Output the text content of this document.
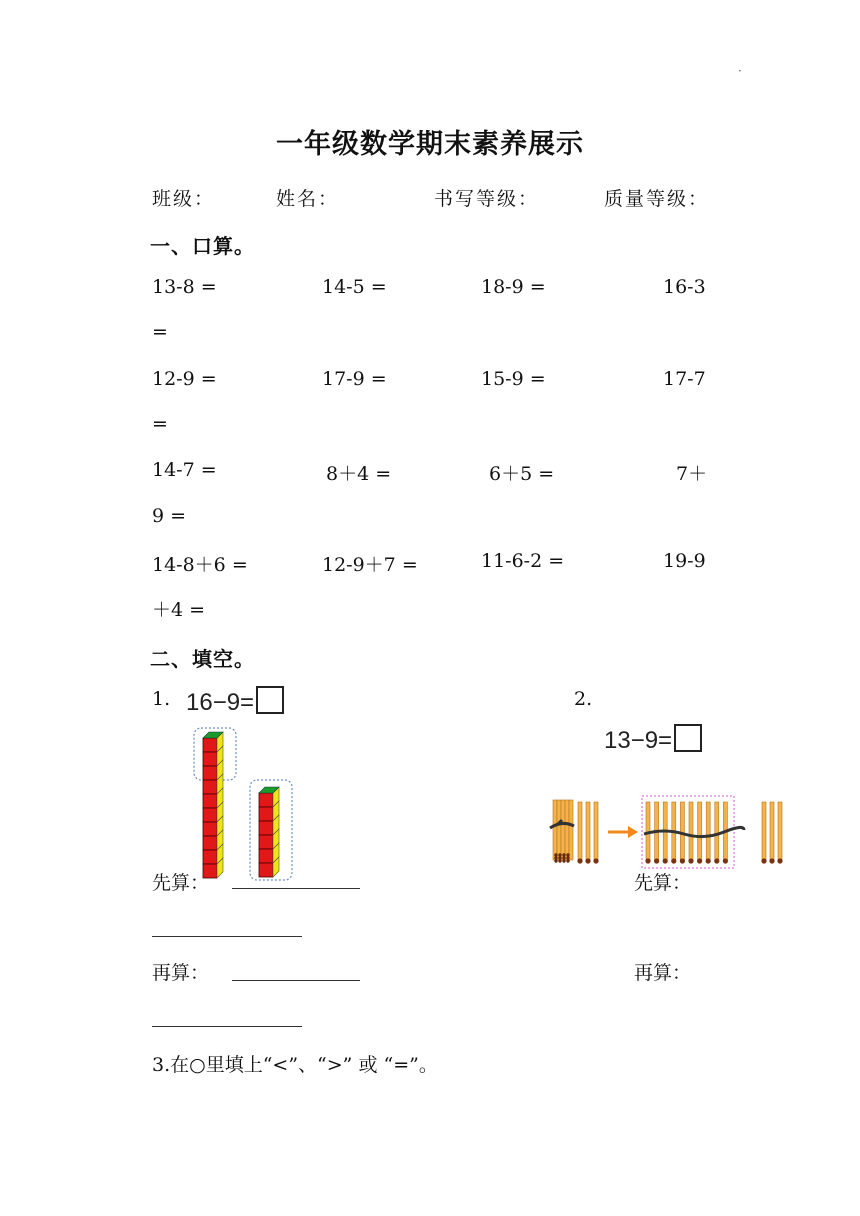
·
一年级数学期末素养展示
班级：	姓名：	书写等级：	质量等级：
一、口算。
13-8 =	14-5 =	18-9 =	16-3
=
12-9 =	17-9 =	15-9 =	17-7
=
14-7 =	8＋4 =	6＋5 =	7＋
9 =
14-8＋6 =	12-9＋7 =	11-6-2 =	19-9
＋4 =
二、填空。
1. 16−9=	2.
13−9=
先算：	先算：
再算：	再算：
3.在○里填上“<”、“>” 或 “=”。
